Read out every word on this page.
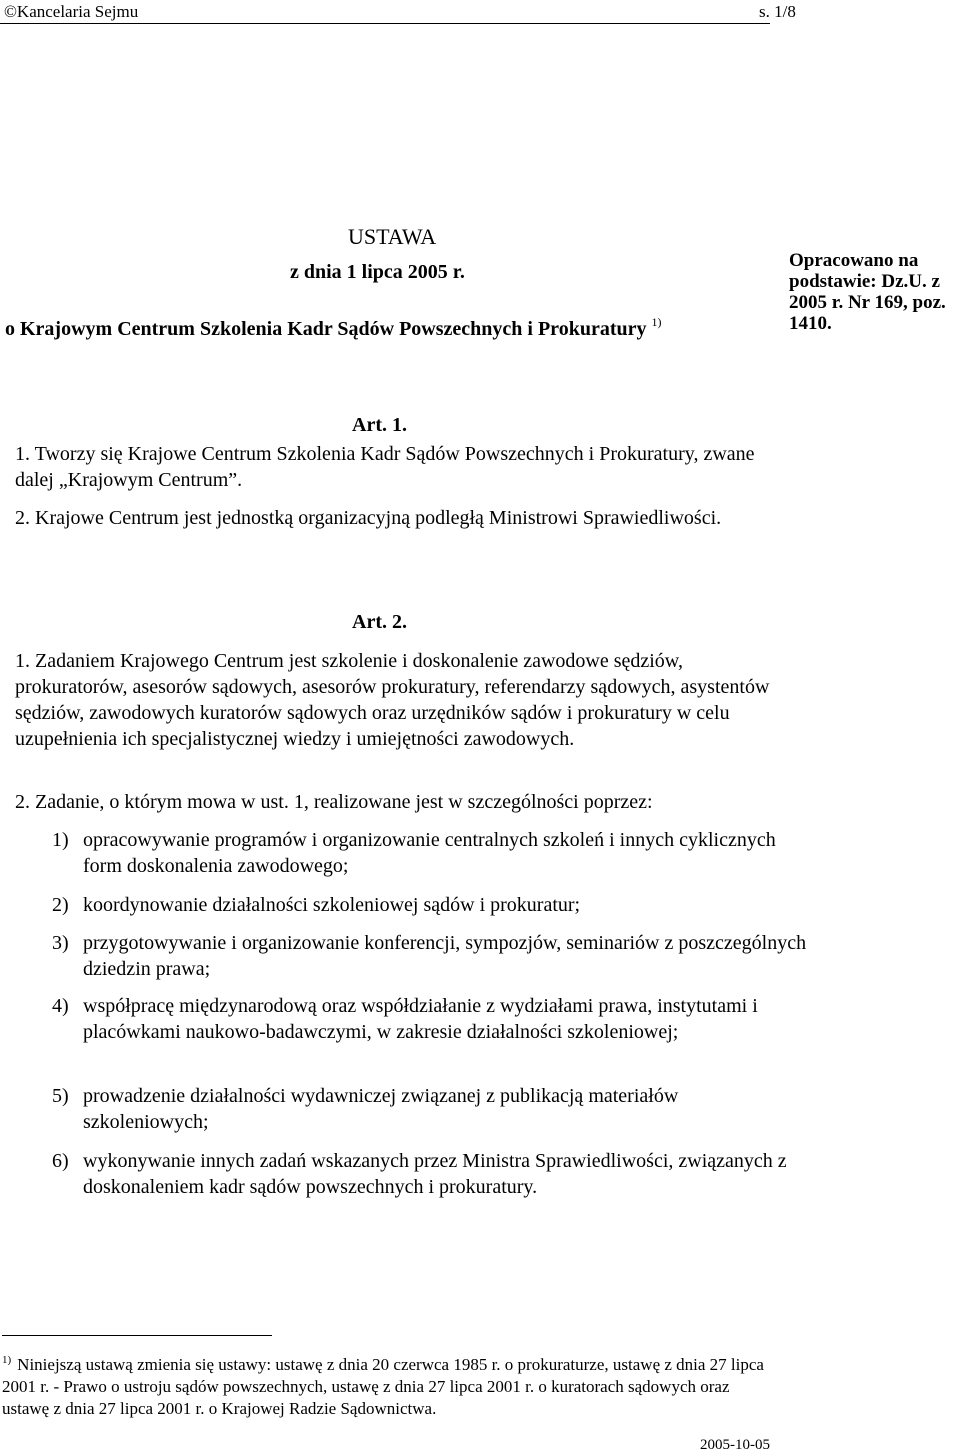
©Kancelaria Sejmu	s. 1/8
USTAWA
z dnia 1 lipca 2005 r.
o Krajowym Centrum Szkolenia Kadr Sądów Powszechnych i Prokuratury $^{1)}$
Opracowano na podstawie: Dz.U. z 2005 r. Nr 169, poz. 1410.
Art. 1.
1. Tworzy się Krajowe Centrum Szkolenia Kadr Sądów Powszechnych i Prokuratury, zwane dalej „Krajowym Centrum”.
2. Krajowe Centrum jest jednostką organizacyjną podległą Ministrowi Sprawiedliwości.
Art. 2.
1. Zadaniem Krajowego Centrum jest szkolenie i doskonalenie zawodowe sędziów, prokuratorów, asesorów sądowych, asesorów prokuratury, referendarzy sądowych, asystentów sędziów, zawodowych kuratorów sądowych oraz urzędników sądów i prokuratury w celu uzupełnienia ich specjalistycznej wiedzy i umiejętności zawodowych.
2. Zadanie, o którym mowa w ust. 1, realizowane jest w szczególności poprzez:
1) opracowywanie programów i organizowanie centralnych szkoleń i innych cyklicznych form doskonalenia zawodowego;
2) koordynowanie działalności szkoleniowej sądów i prokuratur;
3) przygotowywanie i organizowanie konferencji, sympozjów, seminariów z poszczególnych dziedzin prawa;
4) współpracę międzynarodową oraz współdziałanie z wydziałami prawa, instytutami i placówkami naukowo-badawczymi, w zakresie działalności szkoleniowej;
5) prowadzenie działalności wydawniczej związanej z publikacją materiałów szkoleniowych;
6) wykonywanie innych zadań wskazanych przez Ministra Sprawiedliwości, związanych z doskonaleniem kadr sądów powszechnych i prokuratury.
$^{1)}$ Niniejszą ustawą zmienia się ustawy: ustawę z dnia 20 czerwca 1985 r. o prokuraturze, ustawę z dnia 27 lipca 2001 r. - Prawo o ustroju sądów powszechnych, ustawę z dnia 27 lipca 2001 r. o kuratorach sądowych oraz ustawę z dnia 27 lipca 2001 r. o Krajowej Radzie Sądownictwa.
2005-10-05
